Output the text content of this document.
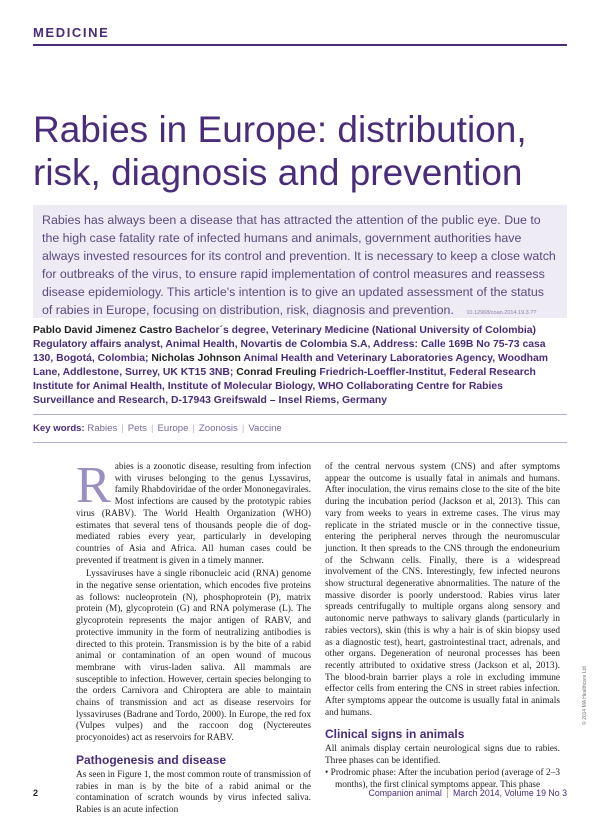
MEDICINE
Rabies in Europe: distribution, risk, diagnosis and prevention
Rabies has always been a disease that has attracted the attention of the public eye. Due to the high case fatality rate of infected humans and animals, government authorities have always invested resources for its control and prevention. It is necessary to keep a close watch for outbreaks of the virus, to ensure rapid implementation of control measures and reassess disease epidemiology. This article's intention is to give an updated assessment of the status of rabies in Europe, focusing on distribution, risk, diagnosis and prevention. 10.12968/coan.2014.19.3.??
Pablo David Jimenez Castro Bachelor´s degree, Veterinary Medicine (National University of Colombia) Regulatory affairs analyst, Animal Health, Novartis de Colombia S.A, Address: Calle 169B No 75-73 casa 130, Bogotá, Colombia; Nicholas Johnson Animal Health and Veterinary Laboratories Agency, Woodham Lane, Addlestone, Surrey, UK KT15 3NB; Conrad Freuling Friedrich-Loeffler-Institut, Federal Research Institute for Animal Health, Institute of Molecular Biology, WHO Collaborating Centre for Rabies Surveillance and Research, D-17943 Greifswald – Insel Riems, Germany
Key words: Rabies | Pets | Europe | Zoonosis | Vaccine
R abies is a zoonotic disease, resulting from infection with viruses belonging to the genus Lyssavirus, family Rhabdoviridae of the order Mononegavirales. Most infections are caused by the prototypic rabies virus (RABV). The World Health Organization (WHO) estimates that several tens of thousands people die of dog-mediated rabies every year, particularly in developing countries of Asia and Africa. All human cases could be prevented if treatment is given in a timely manner.

Lyssaviruses have a single ribonucleic acid (RNA) genome in the negative sense orientation, which encodes five proteins as follows: nucleoprotein (N), phosphoprotein (P), matrix protein (M), glycoprotein (G) and RNA polymerase (L). The glycoprotein represents the major antigen of RABV, and protective immunity in the form of neutralizing antibodies is directed to this protein. Transmission is by the bite of a rabid animal or contamination of an open wound of mucous membrane with virus-laden saliva. All mammals are susceptible to infection. However, certain species belonging to the orders Carnivora and Chiroptera are able to maintain chains of transmission and act as disease reservoirs for lyssaviruses (Badrane and Tordo, 2000). In Europe, the red fox (Vulpes vulpes) and the raccoon dog (Nyctereutes procyonoides) act as reservoirs for RABV.

Pathogenesis and disease

As seen in Figure 1, the most common route of transmission of rabies in man is by the bite of a rabid animal or the contamination of scratch wounds by virus infected saliva. Rabies is an acute infection

of the central nervous system (CNS) and after symptoms appear the outcome is usually fatal in animals and humans. After inoculation, the virus remains close to the site of the bite during the incubation period (Jackson et al, 2013). This can vary from weeks to years in extreme cases. The virus may replicate in the striated muscle or in the connective tissue, entering the peripheral nerves through the neuromuscular junction. It then spreads to the CNS through the endoneurium of the Schwann cells. Finally, there is a widespread involvement of the CNS. Interestingly, few infected neurons show structural degenerative abnormalities. The nature of the massive disorder is poorly understood. Rabies virus later spreads centrifugally to multiple organs along sensory and autonomic nerve pathways to salivary glands (particularly in rabies vectors), skin (this is why a hair is of skin biopsy used as a diagnostic test), heart, gastrointestinal tract, adrenals, and other organs. Degeneration of neuronal processes has been recently attributed to oxidative stress (Jackson et al, 2013). The blood-brain barrier plays a role in excluding immune effector cells from entering the CNS in street rabies infection. After symptoms appear the outcome is usually fatal in animals and humans.

Clinical signs in animals

All animals display certain neurological signs due to rabies. Three phases can be identified.

• Prodromic phase: After the incubation period (average of 2–3 months), the first clinical symptoms appear. This phase

© 2014 MA Healthcare Ltd
2	Companion animal | March 2014, Volume 19 No 3
